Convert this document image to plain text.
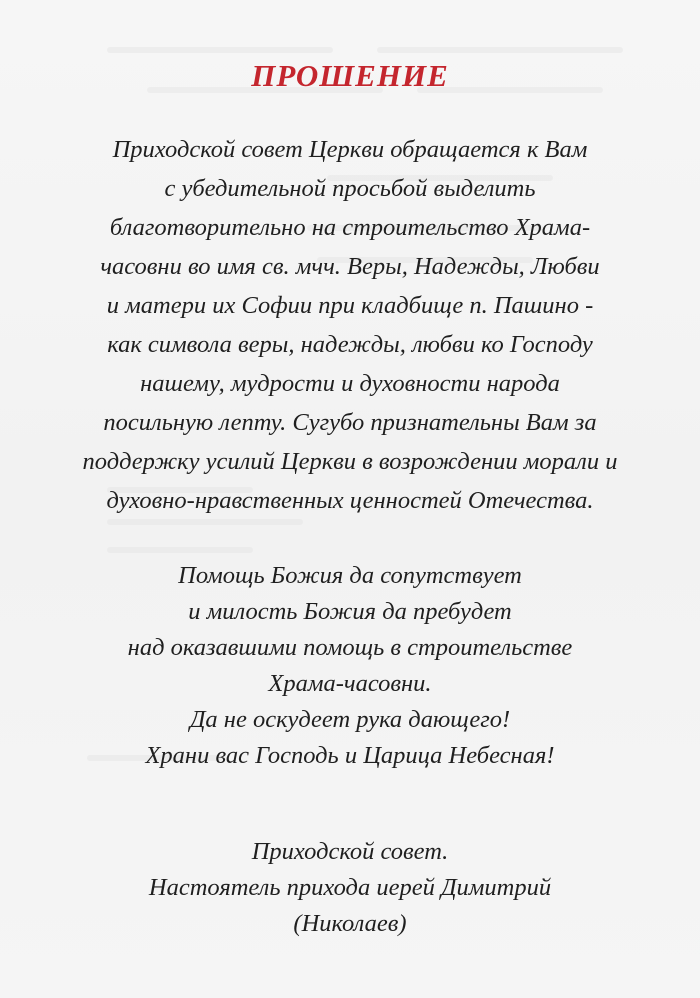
ПРОШЕНИЕ
Приходской совет Церкви обращается к Вам
с убедительной просьбой выделить
благотворительно на строительство Храма-
часовни во имя св. мчч. Веры, Надежды, Любви
и матери их Софии при кладбище п. Пашино -
как символа веры, надежды, любви ко Господу
нашему, мудрости и духовности народа
посильную лепту. Сугубо признательны Вам за
поддержку усилий Церкви в возрождении морали и
духовно-нравственных ценностей Отечества.
Помощь Божия да сопутствует
и милость Божия да пребудет
над оказавшими помощь в строительстве
Храма-часовни.
Да не оскудеет рука дающего!
Храни вас Господь и Царица Небесная!
Приходской совет.
Настоятель прихода иерей Димитрий
(Николаев)
